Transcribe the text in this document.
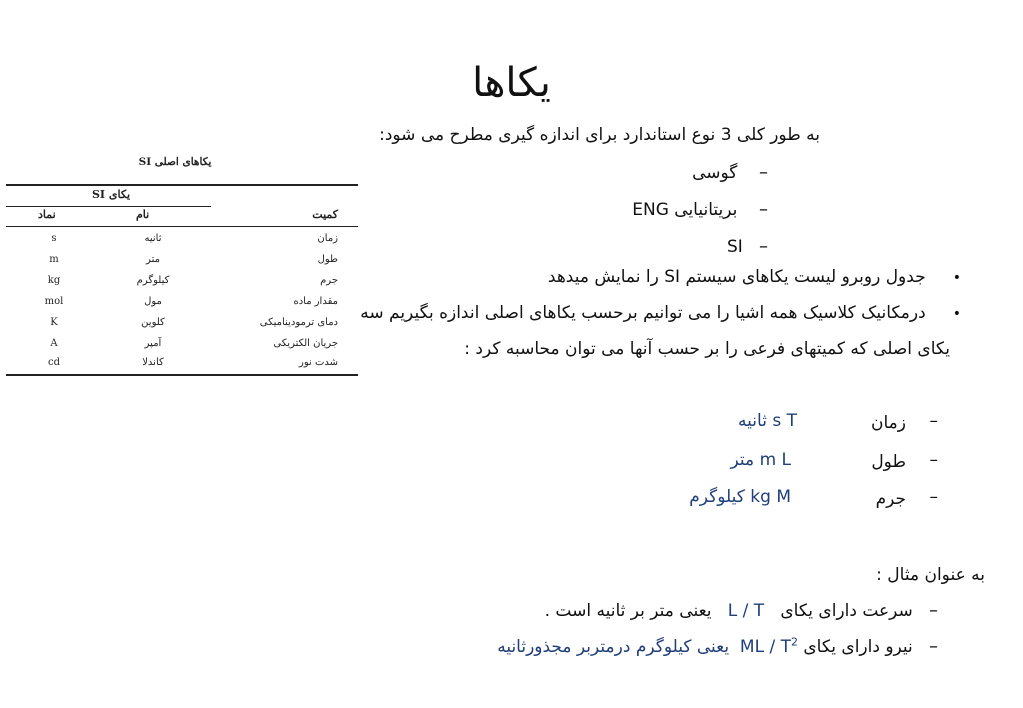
یکاها
به طور کلی 3 نوع استاندارد برای اندازه گیری مطرح می شود:
–    گوسی
–    بریتانیایی ENG
–   SI
•     جدول روبرو لیست یکاهای سیستم SI را نمایش میدهد
•     درمکانیک کلاسیک همه اشیا را می توانیم برحسب یکاهای اصلی اندازه بگیریم سه
یکای اصلی که کمیتهای فرعی را بر حسب آنها می توان محاسبه کرد :
–
زمان
s T ثانیه
–
طول
m L متر
–
جرم
kg M کیلوگرم
به عنوان مثال :
–   سرعت دارای یکای   L / T   یعنی متر بر ثانیه است .
–   نیرو دارای یکای ML / $T^2$  یعنی کیلوگرم درمتربر مجذورثانیه
یکاهای اصلی SI
یکای SI
کمیت
نام
نماد
زمان
ثانیه
s
طول
متر
m
جرم
کیلوگرم
kg
مقدار ماده
مول
mol
دمای ترمودینامیکی
کلوین
K
جریان الکتریکی
آمپر
A
شدت نور
کاندلا
cd
